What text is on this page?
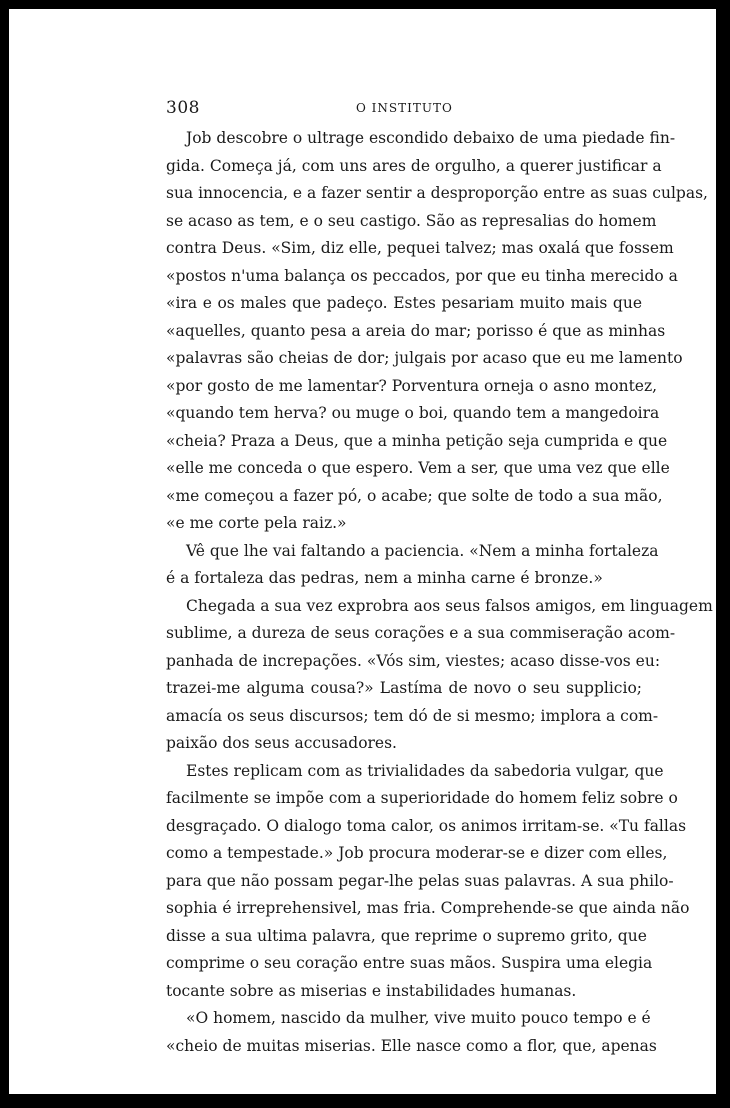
308	O INSTITUTO
Job descobre o ultrage escondido debaixo de uma piedade fin-
gida. Começa já, com uns ares de orgulho, a querer justificar a
sua innocencia, e a fazer sentir a desproporção entre as suas culpas,
se acaso as tem, e o seu castigo. São as represalias do homem
contra Deus. «Sim, diz elle, pequei talvez; mas oxalá que fossem
«postos n'uma balança os peccados, por que eu tinha merecido a
«ira e os males que padeço. Estes pesariam muito mais que
«aquelles, quanto pesa a areia do mar; porisso é que as minhas
«palavras são cheias de dor; julgais por acaso que eu me lamento
«por gosto de me lamentar? Porventura orneja o asno montez,
«quando tem herva? ou muge o boi, quando tem a mangedoira
«cheia? Praza a Deus, que a minha petição seja cumprida e que
«elle me conceda o que espero. Vem a ser, que uma vez que elle
«me começou a fazer pó, o acabe; que solte de todo a sua mão,
«e me corte pela raiz.»
Vê que lhe vai faltando a paciencia. «Nem a minha fortaleza
é a fortaleza das pedras, nem a minha carne é bronze.»
Chegada a sua vez exprobra aos seus falsos amigos, em linguagem
sublime, a dureza de seus corações e a sua commiseração acom-
panhada de increpações. «Vós sim, viestes; acaso disse-vos eu:
trazei-me alguma cousa?» Lastíma de novo o seu supplicio;
amacía os seus discursos; tem dó de si mesmo; implora a com-
paixão dos seus accusadores.
Estes replicam com as trivialidades da sabedoria vulgar, que
facilmente se impõe com a superioridade do homem feliz sobre o
desgraçado. O dialogo toma calor, os animos irritam-se. «Tu fallas
como a tempestade.» Job procura moderar-se e dizer com elles,
para que não possam pegar-lhe pelas suas palavras. A sua philo-
sophia é irreprehensivel, mas fria. Comprehende-se que ainda não
disse a sua ultima palavra, que reprime o supremo grito, que
comprime o seu coração entre suas mãos. Suspira uma elegia
tocante sobre as miserias e instabilidades humanas.
«O homem, nascido da mulher, vive muito pouco tempo e é
«cheio de muitas miserias. Elle nasce como a flor, que, apenas
